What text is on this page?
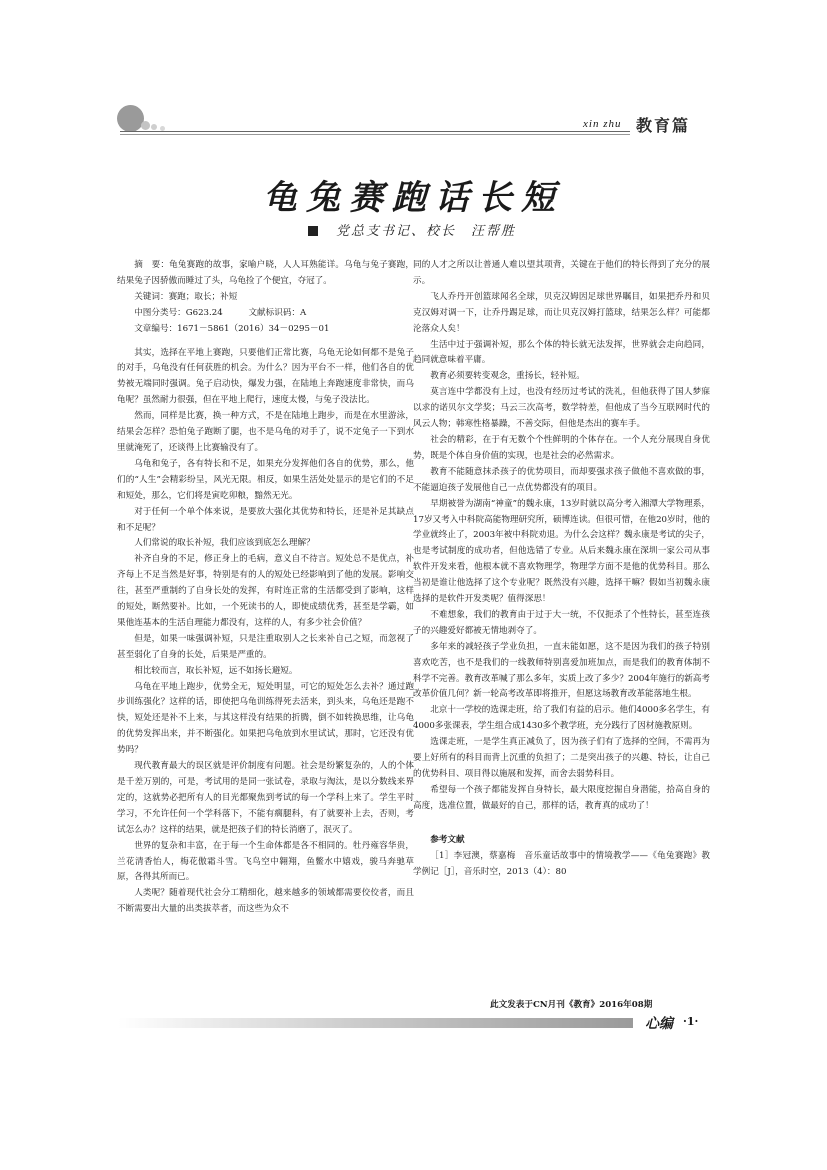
xin zhu 教育篇
龟兔赛跑话长短
党总支书记、校长　汪帮胜

摘　要：龟兔赛跑的故事，家喻户晓，人人耳熟能详。乌龟与兔子赛跑，结果兔子因骄傲而睡过了头，乌龟捡了个便宜，夺冠了。

关键词：赛跑；取长；补短

中图分类号：G623.24　　　文献标识码：A

文章编号：1671－5861（2016）34－0295－01

其实，选择在平地上赛跑，只要他们正常比赛，乌龟无论如何都不是兔子的对手，乌龟没有任何获胜的机会。为什么？因为平台不一样，他们各自的优势被无端同时强调。兔子启动快，爆发力强，在陆地上奔跑速度非常快，而乌龟呢？虽然耐力很强，但在平地上爬行，速度太慢，与兔子没法比。

然而，同样是比赛，换一种方式，不是在陆地上跑步，而是在水里游泳，结果会怎样？恐怕兔子跑断了腿，也不是乌龟的对手了，说不定兔子一下到水里就淹死了，还谈得上比赛输没有了。

乌龟和兔子，各有特长和不足，如果充分发挥他们各自的优势，那么，他们的“人生”会精彩纷呈，风光无限。相反，如果生活处处显示的是它们的不足和短处，那么，它们将是寅吃卯粮，黯然无光。

对于任何一个单个体来说，是要放大强化其优势和特长，还是补足其缺点和不足呢？

人们常说的取长补短，我们应该到底怎么理解？

补齐自身的不足，修正身上的毛病，意义自不待言。短处总不是优点，补齐每上不足当然是好事，特别是有的人的短处已经影响到了他的发展。影响交往，甚至严重制约了自身长处的发挥，有时连正常的生活都受到了影响，这样的短处，断然要补。比如，一个死读书的人，即使成绩优秀，甚至是学霸，如果他连基本的生活自理能力都没有，这样的人，有多少社会价值？

但是，如果一味强调补短，只是注重取别人之长来补自己之短，而忽视了甚至弱化了自身的长处，后果是严重的。

相比较而言，取长补短，远不如扬长避短。

乌龟在平地上跑步，优势全无，短处明显，可它的短处怎么去补？通过跑步训练强化？这样的话，即使把乌龟训练得死去活来，到头来，乌龟还是跑不快，短处还是补不上来，与其这样没有结果的折腾，倒不如转换思维，让乌龟的优势发挥出来，并不断强化。如果把乌龟放到水里试试，那时，它还没有优势吗？

现代教育最大的误区就是评价制度有问题。社会是纷繁复杂的，人的个体是千差万别的，可是，考试用的是同一张试卷，录取与淘汰，是以分数线来界定的，这就势必把所有人的目光都聚焦到考试的每一个学科上来了。学生平时学习，不允许任何一个学科落下，不能有瘸腿科，有了就要补上去，否则，考试怎么办？这样的结果，就是把孩子们的特长消磨了，泯灭了。

世界的复杂和丰富，在于每一个生命体都是各不相同的。牡丹雍容华贵，兰花清香怡人，梅花傲霜斗雪。飞鸟空中翱翔，鱼鳖水中嬉戏，骏马奔驰草原，各得其所而已。

人类呢？随着现代社会分工精细化，越来越多的领域都需要佼佼者，而且不断需要出大量的出类拔萃者，而这些为众不

同的人才之所以让普通人难以望其项背，关键在于他们的特长得到了充分的展示。

飞人乔丹开创篮球闻名全球，贝克汉姆因足球世界瞩目，如果把乔丹和贝克汉姆对调一下，让乔丹踢足球，而让贝克汉姆打篮球，结果怎么样？可能都沦落众人矣！

生活中过于强调补短，那么个体的特长就无法发挥，世界就会走向趋同，趋同就意味着平庸。

教育必须要转变观念，重扬长，轻补短。

莫言连中学都没有上过，也没有经历过考试的洗礼，但他获得了国人梦寐以求的诺贝尔文学奖；马云三次高考，数学特差，但他成了当今互联网时代的风云人物；韩寒性格暴躁，不善交际，但他是杰出的赛车手。

社会的精彩，在于有无数个个性鲜明的个体存在。一个人充分展现自身优势，既是个体自身价值的实现，也是社会的必然需求。

教育不能随意抹杀孩子的优势项目，而却要强求孩子做他不喜欢做的事，不能逼迫孩子发展他自己一点优势都没有的项目。

早期被誉为湖南“神童”的魏永康，13岁时就以高分考入湘潭大学物理系，17岁又考入中科院高能物理研究所，硕博连读。但很可惜，在他20岁时，他的学业就终止了，2003年被中科院劝退。为什么会这样？魏永康是考试的尖子，也是考试制度的成功者，但他选错了专业。从后来魏永康在深圳一家公司从事软件开发来看，他根本就不喜欢物理学，物理学方面不是他的优势科目。那么当初是谁让他选择了这个专业呢？既然没有兴趣，选择干嘛？假如当初魏永康选择的是软件开发类呢？值得深思！

不难想象，我们的教育由于过于大一统，不仅扼杀了个性特长，甚至连孩子的兴趣爱好都被无情地剥夺了。

多年来的减轻孩子学业负担，一直未能如愿，这不是因为我们的孩子特别喜欢吃苦，也不是我们的一线教师特别喜爱加班加点，而是我们的教育体制不科学不完善。教育改革喊了那么多年，实质上改了多少？2004年施行的新高考改革价值几何？新一轮高考改革即将推开，但愿这场教育改革能落地生根。

北京十一学校的选课走班，给了我们有益的启示。他们4000多名学生，有4000多张课表，学生组合成1430多个教学班，充分践行了因材施教原则。

选课走班，一是学生真正减负了，因为孩子们有了选择的空间，不需再为要上好所有的科目而背上沉重的负担了；二是突出孩子的兴趣、特长，让自己的优势科目、项目得以施展和发挥，而舍去弱势科目。

希望每一个孩子都能发挥自身特长，最大限度挖掘自身潜能，拾高自身的高度，选准位置，做最好的自己，那样的话，教育真的成功了！

参考文献

［1］李冠澳，蔡嘉梅　音乐童话故事中的情境教学——《龟兔赛跑》教学例记［J］，音乐时空，2013（4）：80

此文发表于CN月刊《教育》2016年08期
心编 ·1·
